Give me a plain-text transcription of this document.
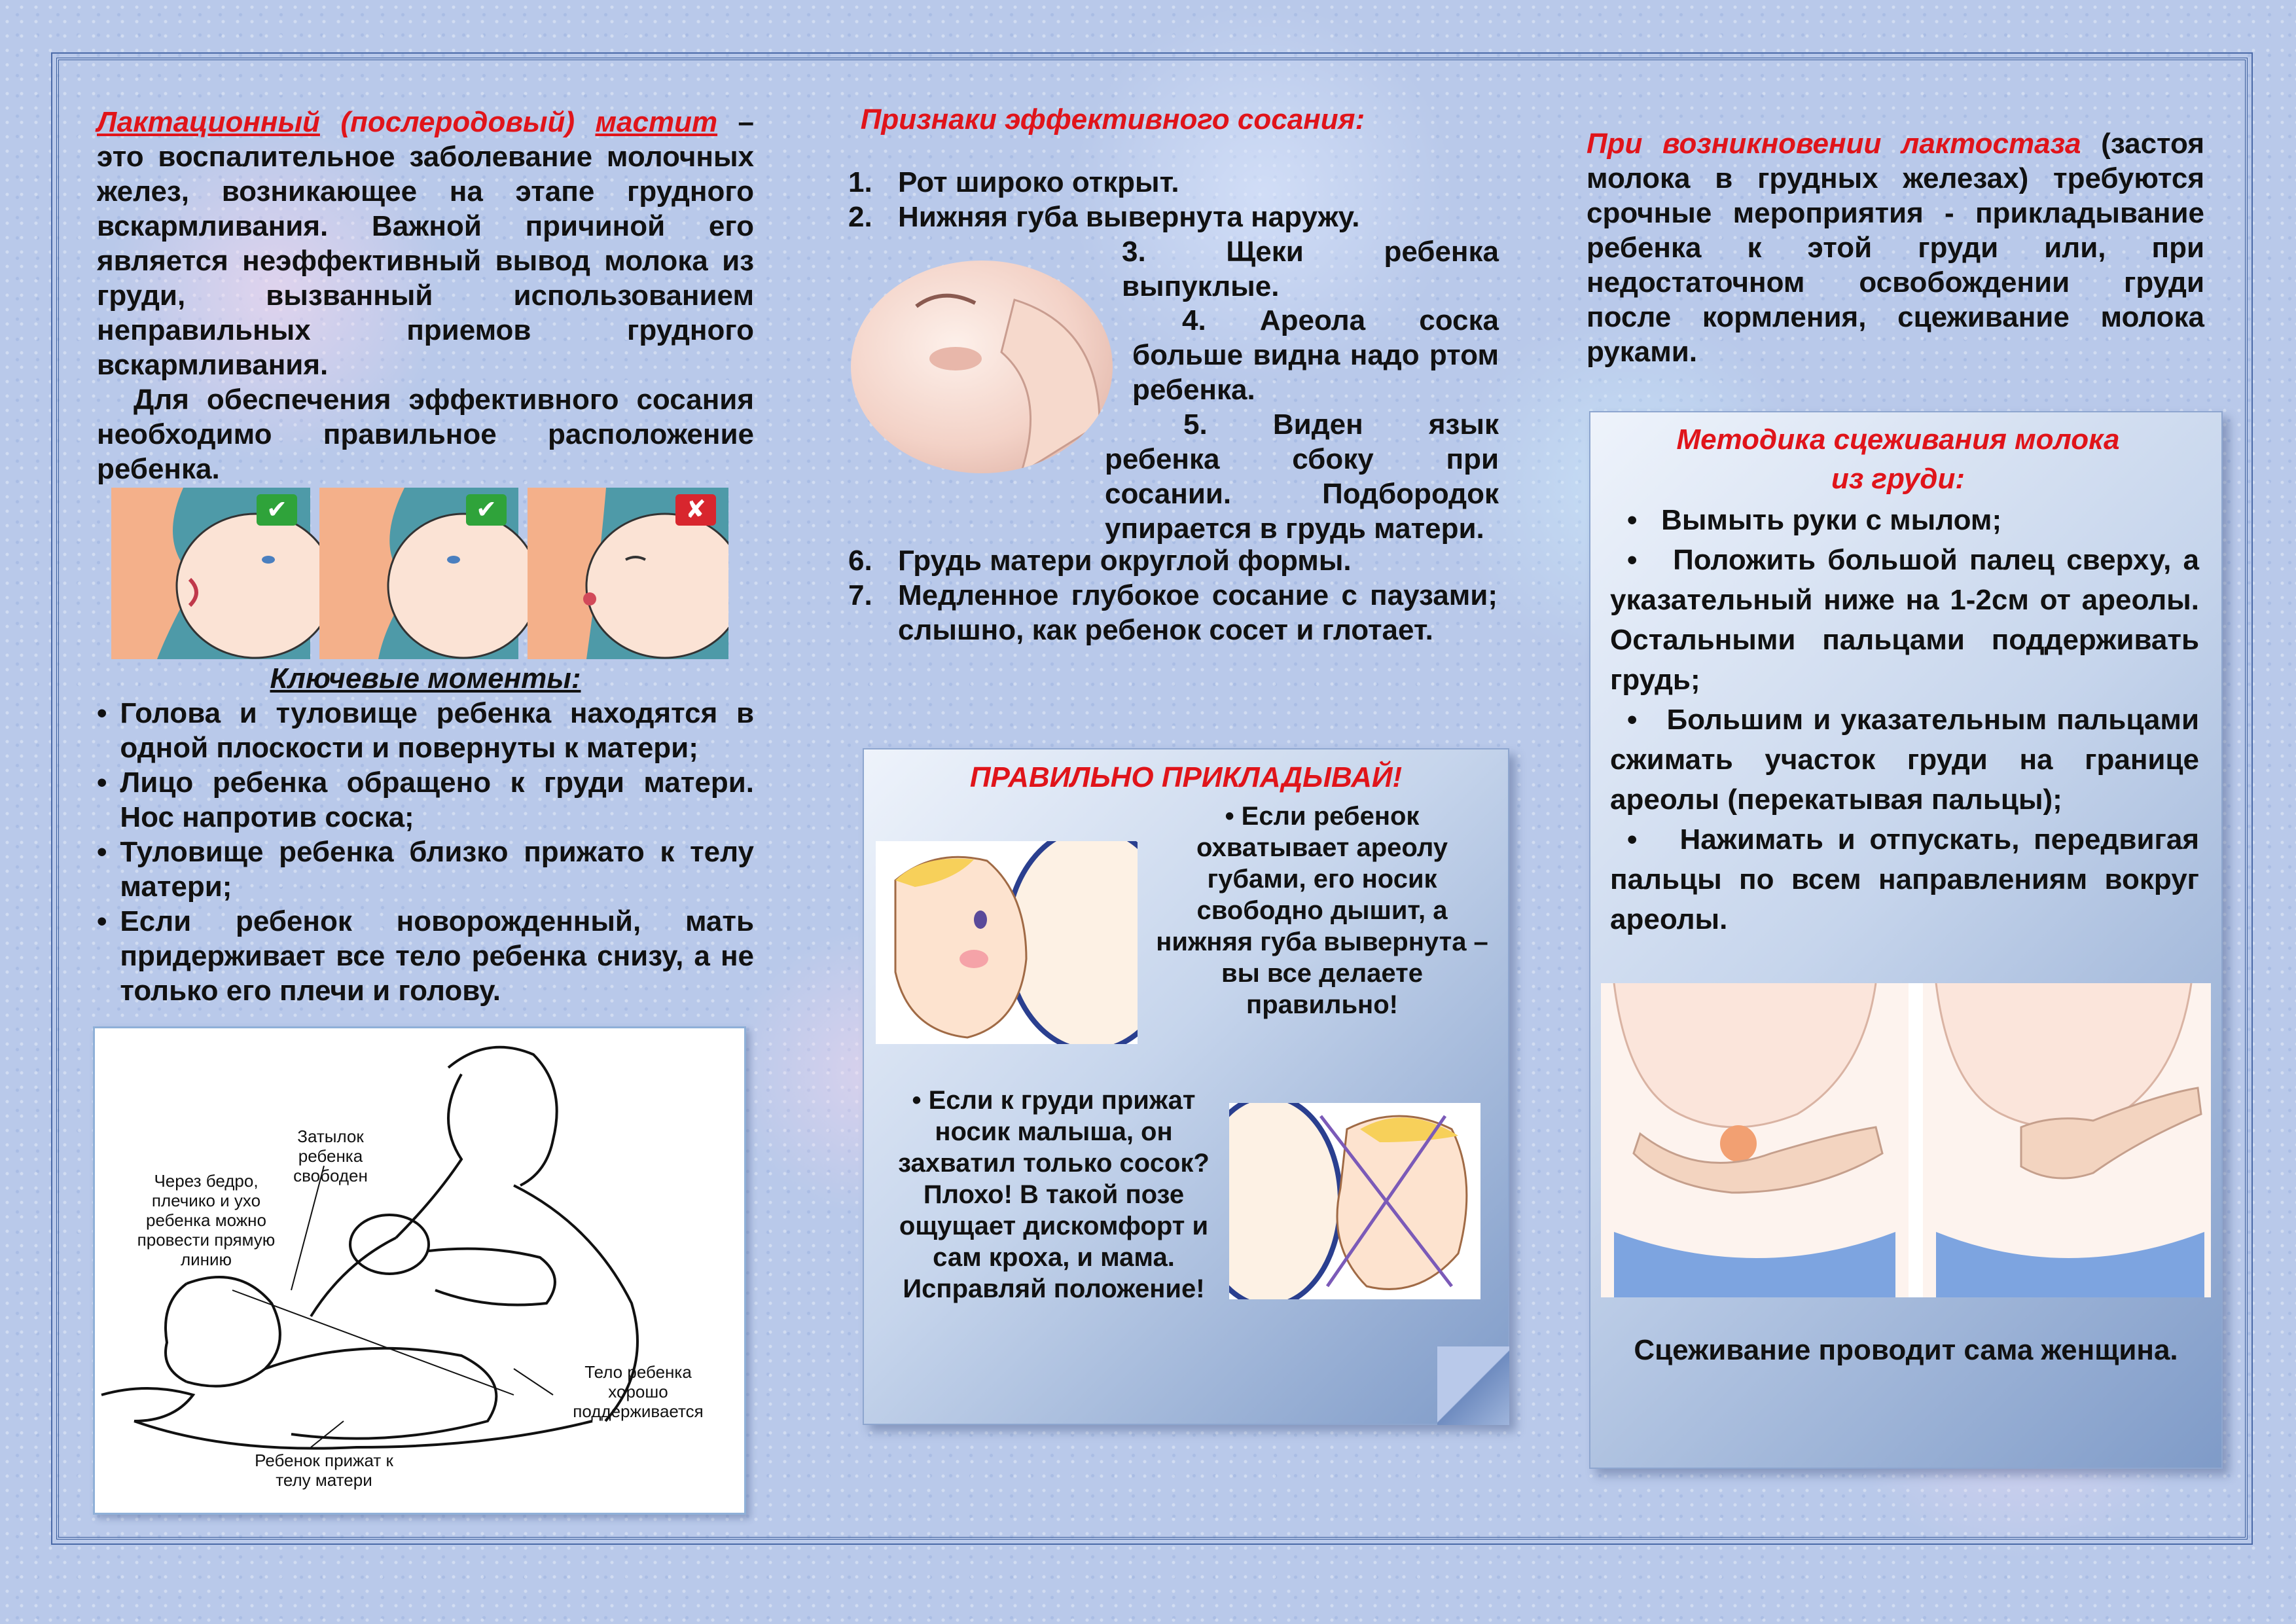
Лактационный (послеродовый) мастит – это воспалительное заболевание молочных желез, возникающее на этапе грудного вскармливания. Важной причиной его является неэффективный вывод молока из груди, вызванный использованием неправильных приемов грудного вскармливания.
Для обеспечения эффективного сосания необходимо правильное расположение ребенка.
✔	✔	✘
Ключевые моменты:
• Голова и туловище ребенка находятся в одной плоскости и повернуты к матери;
• Лицо ребенка обращено к груди матери. Нос напротив соска;
• Туловище ребенка близко прижато к телу матери;
• Если ребенок новорожденный, мать придерживает все тело ребенка снизу, а не только его плечи и голову.
Затылок ребенка свободен
Через бедро, плечико и ухо ребенка можно провести прямую линию
Тело ребенка хорошо поддерживается
Ребенок прижат к телу матери
Признаки эффективного сосания:
1. Рот широко открыт.
2. Нижняя губа вывернута наружу.
3.	Щеки ребенка выпуклые.
4. Ареола соска больше видна надо ртом ребенка.
5. Виден язык ребенка сбоку при сосании. Подбородок упирается в грудь матери.
6. Грудь матери округлой формы.
7. Медленное глубокое сосание с паузами; слышно, как ребенок сосет и глотает.
ПРАВИЛЬНО ПРИКЛАДЫВАЙ!
• Если ребенок охватывает ареолу губами, его носик свободно дышит, а нижняя губа вывернута – вы все делаете правильно!
• Если к груди прижат носик малыша, он захватил только сосок? Плохо! В такой позе ощущает дискомфорт и сам кроха, и мама. Исправляй положение!
При возникновении лактостаза (застоя молока в грудных железах) требуются срочные мероприятия - прикладывание ребенка к этой груди или, при недостаточном освобождении груди после кормления, сцеживание молока руками.
Методика сцеживания молока из груди:
•   Вымыть руки с мылом;
•   Положить большой палец сверху, а указательный ниже на 1-2см от ареолы. Остальными пальцами поддерживать грудь;
•   Большим и указательным пальцами сжимать участок груди на границе ареолы (перекатывая пальцы);
•   Нажимать и отпускать, передвигая пальцы по всем направлениям вокруг ареолы.
Сцеживание проводит сама женщина.
